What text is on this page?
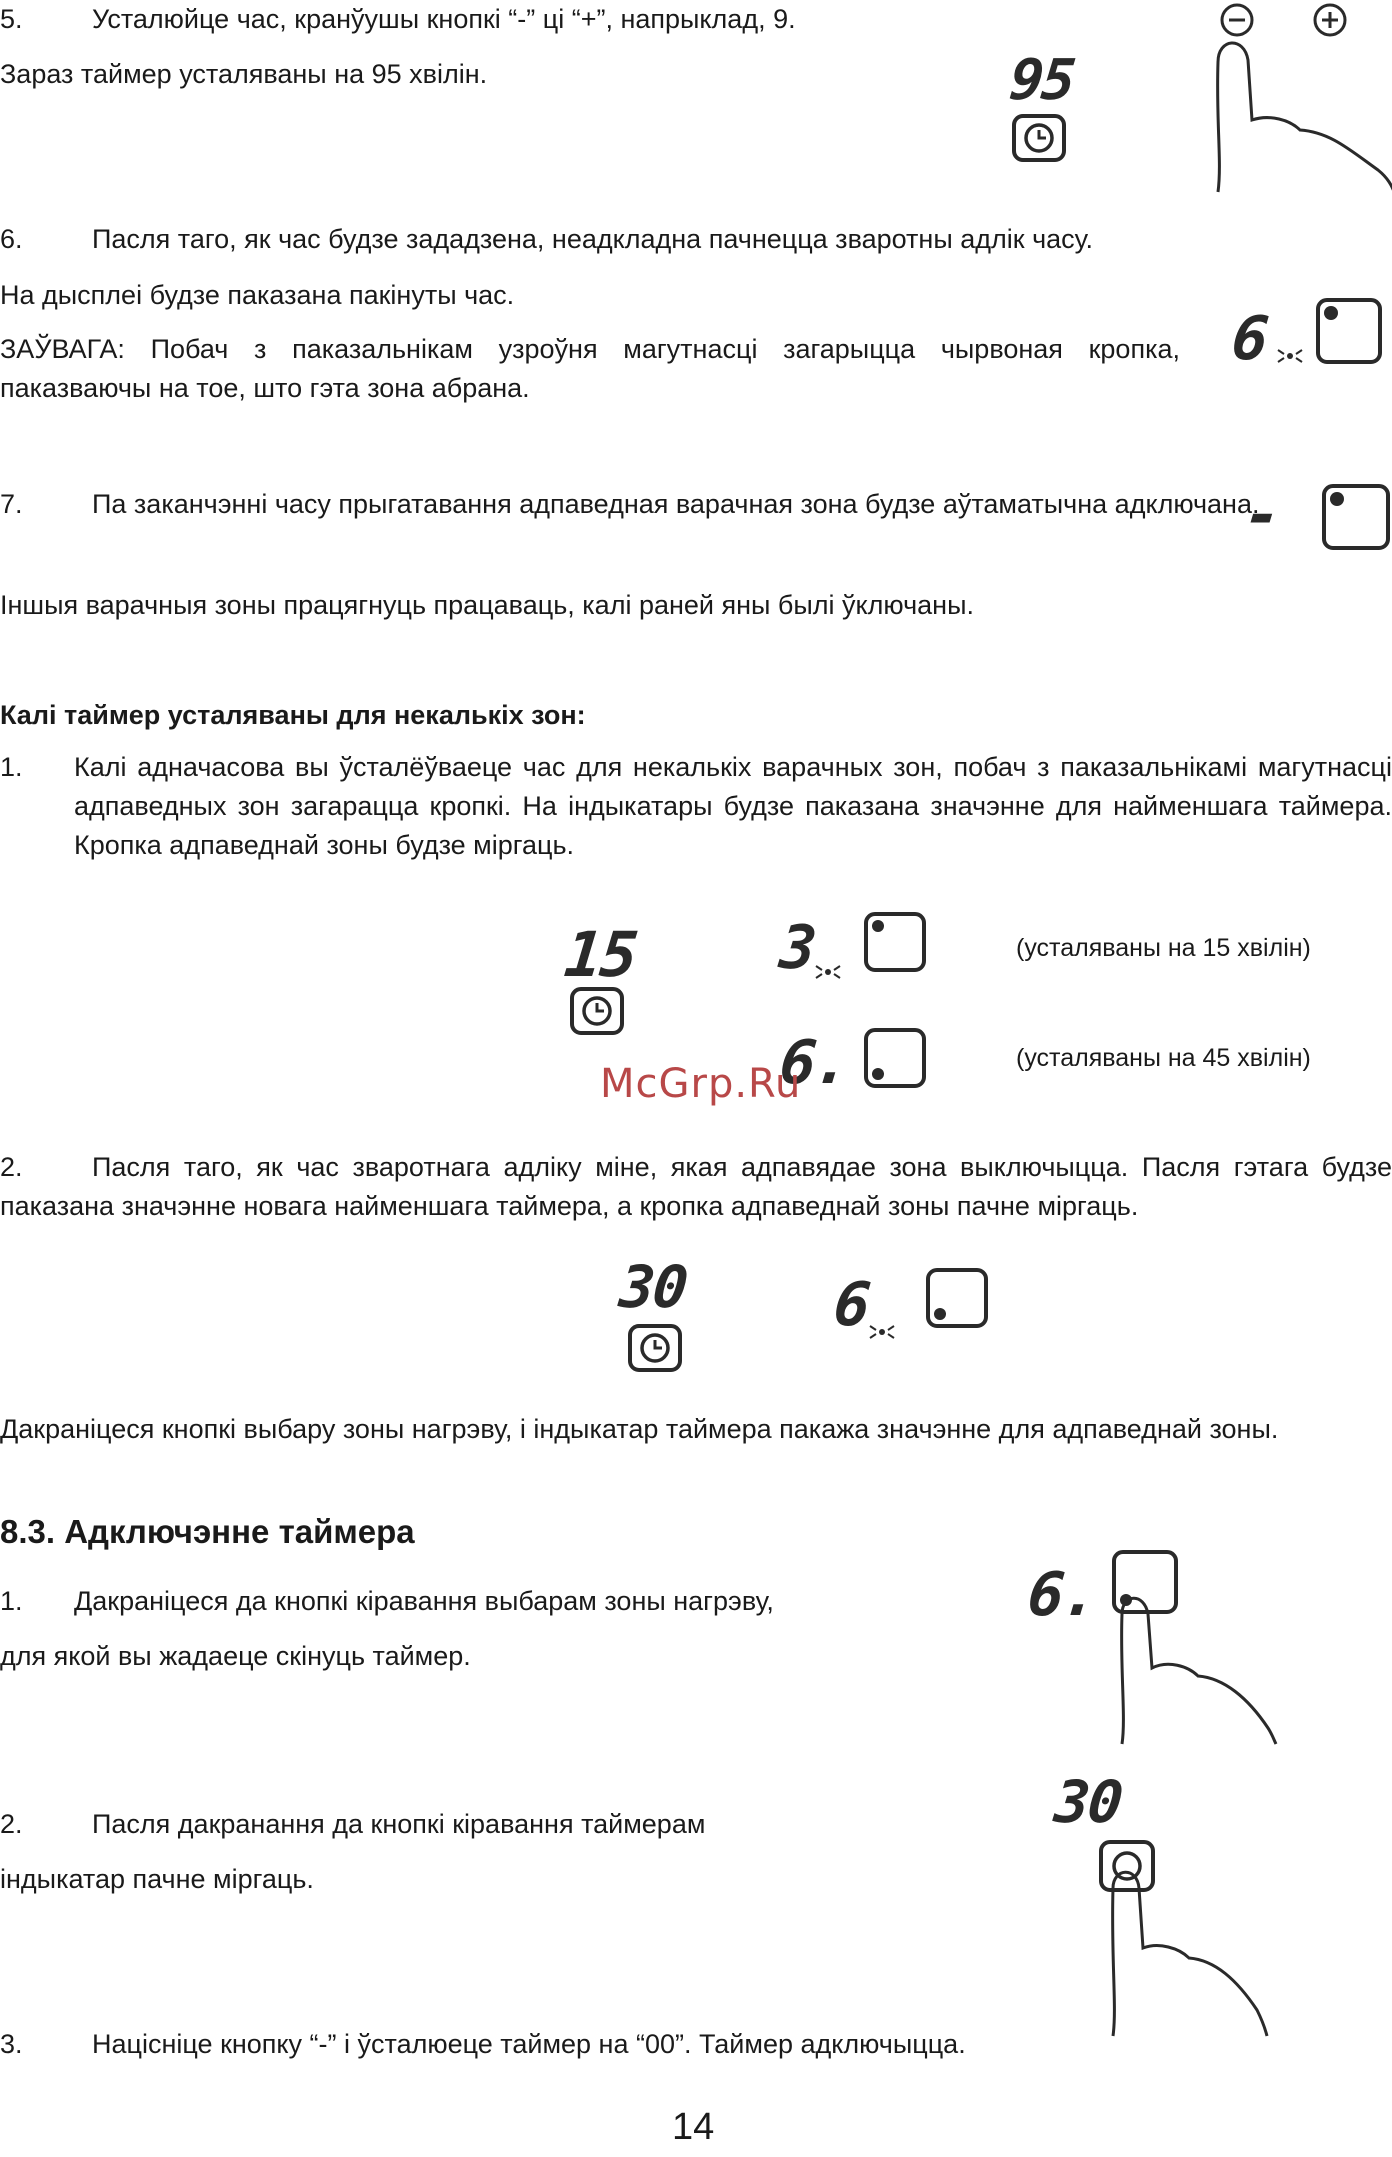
5.	Усталюйце час, кранўушы кнопкі “-” ці “+”, напрыклад, 9.
Зараз таймер усталяваны на 95 хвілін.	95
6.	Пасля таго, як час будзе зададзена, неадкладна пачнецца зваротны адлік часу.
На дысплеі будзе паказана пакінуты час.
ЗАЎВАГА: Побач з паказальнікам узроўня магутнасці загарыцца чырвоная кропка, паказваючы на тое, што гэта зона абрана.
6
7.	Па заканчэнні часу прыгатавання адпаведная варачная зона будзе аўтаматычна адключана.
Іншыя варачныя зоны працягнуць працаваць, калі раней яны былі ўключаны.
-
Калі таймер усталяваны для некалькіх зон:
1. Калі адначасова вы ўсталёўваеце час для некалькіх варачных зон, побач з паказальнікамі магутнасці адпаведных зон загарацца кропкі. На індыкатары будзе паказана значэнне для найменшага таймера. Кропка адпаведнай зоны будзе міргаць.
15 3	(усталяваны на 15 хвілін)
6.	(усталяваны на 45 хвілін)
McGrp.Ru
2.	Пасля таго, як час зваротнага адліку міне, якая адпавядае зона выключыцца. Пасля гэтага будзе паказана значэнне новага найменшага таймера, а кропка адпаведнай зоны пачне міргаць.
30 6
Дакраніцеся кнопкі выбару зоны нагрэву, і індыкатар таймера пакажа значэнне для адпаведнай зоны.
8.3. Адключэнне таймера
1. Дакраніцеся да кнопкі кіравання выбарам зоны нагрэву,
для якой вы жадаеце скінуць таймер.
6.
30
2.	Пасля дакранання да кнопкі кіравання таймерам
індыкатар пачне міргаць.
3.	Націсніце кнопку “-” і ўсталюеце таймер на “00”. Таймер адключыцца.
14
